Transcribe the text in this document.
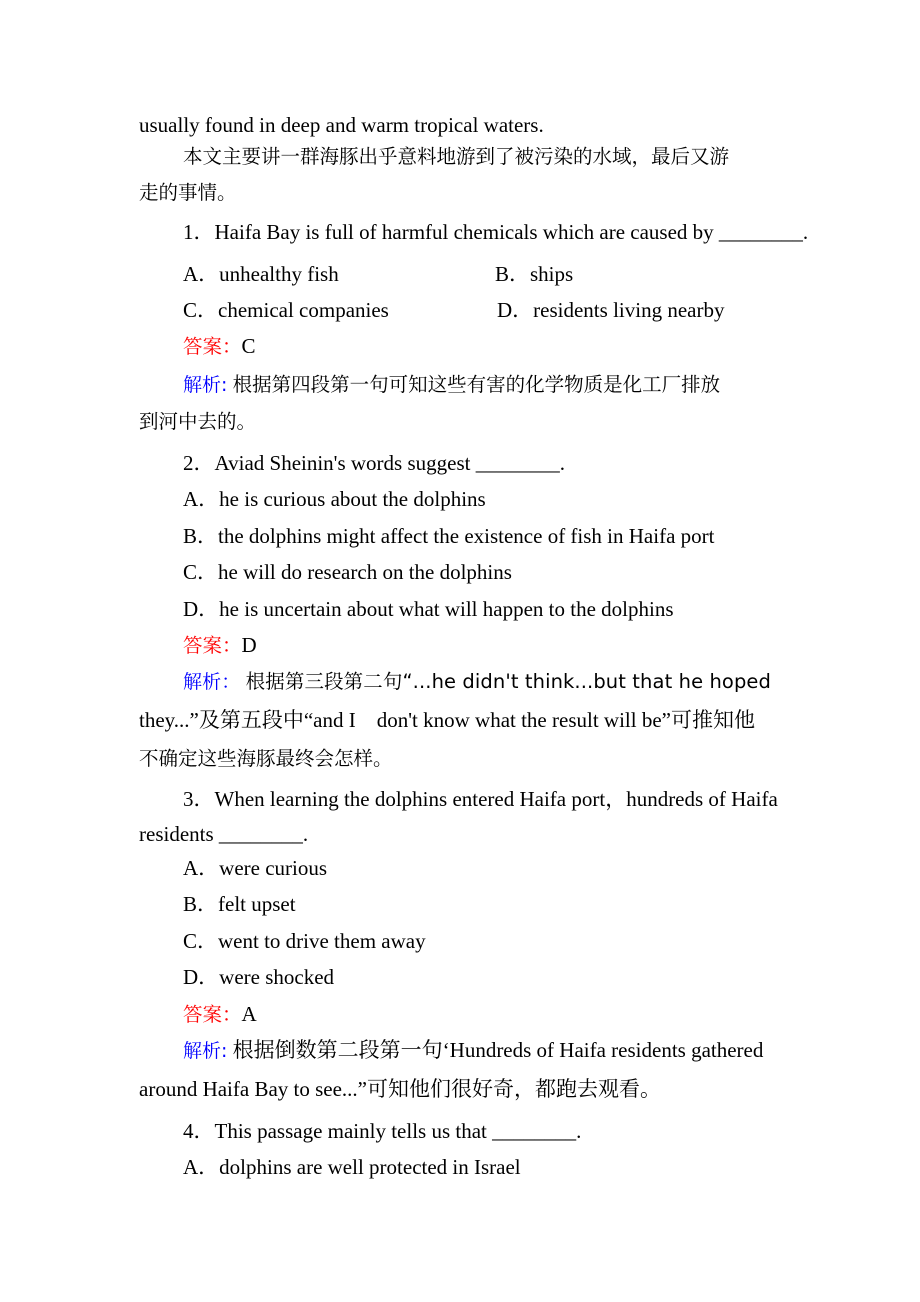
usually found in deep and warm tropical waters.
本文主要讲一群海豚出乎意料地游到了被污染的水域，最后又游
走的事情。
1．Haifa Bay is full of harmful chemicals which are caused by ________.
A．unhealthy fish	B．ships
C．chemical companies	D．residents living nearby
答案：C
解析: 根据第四段第一句可知这些有害的化学物质是化工厂排放
到河中去的。
2．Aviad Sheinin's words suggest ________.
A．he is curious about the dolphins
B．the dolphins might affect the existence of fish in Haifa port
C．he will do research on the dolphins
D．he is uncertain about what will happen to the dolphins
答案：D
解析： 根据第三段第二句“...he didn't think...but that he hoped
they...”及第五段中“and I　don't know what the result will be”可推知他
不确定这些海豚最终会怎样。
3．When learning the dolphins entered Haifa port，hundreds of Haifa
residents ________.
A．were curious
B．felt upset
C．went to drive them away
D．were shocked
答案：A
解析: 根据倒数第二段第一句‘Hundreds of Haifa residents gathered
around Haifa Bay to see...”可知他们很好奇，都跑去观看。
4．This passage mainly tells us that ________.
A．dolphins are well protected in Israel
